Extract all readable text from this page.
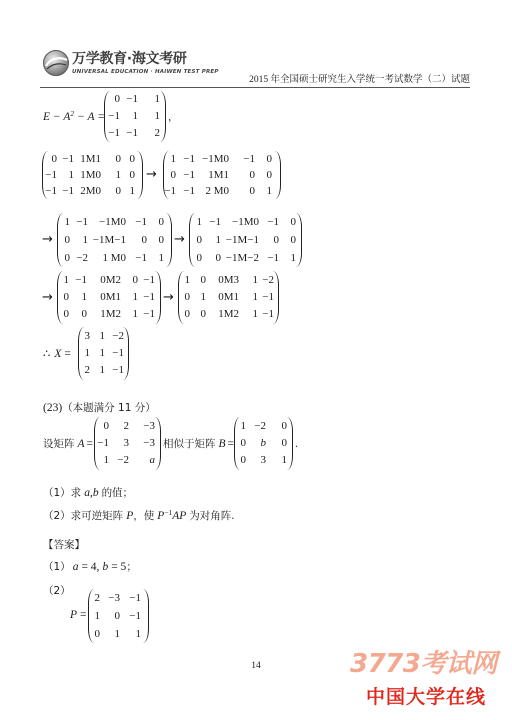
万学教育·海文考研
UNIVERSAL EDUCATION · HAIWEN TEST PREP
2015 年全国硕士研究生入学统一考试数学（二）试题
$E - A^2 - A$ =
0 −1	1
−1	1	1
−1 −1	2
，
0 −1 1M1	0 0
−1	1 1M0	1 0
−1 −1 2M0	0 1
→
1 −1 −1M0	−1	0
0 −1	1M1	0	0
−1 −1 2 M0	0	1
→
1 −1	−1M0 −1	0
0	1 −1M−1	0	0
0 −2	1 M0 −1	1
→
1 −1	−1M0 −1	0
0	1 −1M−1	0	0
0	0 −1M−2 −1	1
→
1 −1	0M2	0 −1
0	1	0M1	1 −1
0	0	1M2	1 −1
→
1 0	0M3	1 −2
0 1	0M1	1 −1
0 0	1M2	1 −1
∴ X =
3 1 −2
1 1 −1
2 1 −1
(23)（本题满分 11 分）
设矩阵 A =
0	2	−3
−1	3	−3
1 −2	a
相似于矩阵 B =
1 −2	0
0	b	0
0	3	1
.
（1）求 a,b 的值；
（2）求可逆矩阵 P，使 $P^{-1}AP$ 为对角阵.
【答案】
（1） a = 4, b = 5；
（2）
P =
2 −3 −1
1	0 −1
0	1	1
14	3773考试网
中国大学在线
